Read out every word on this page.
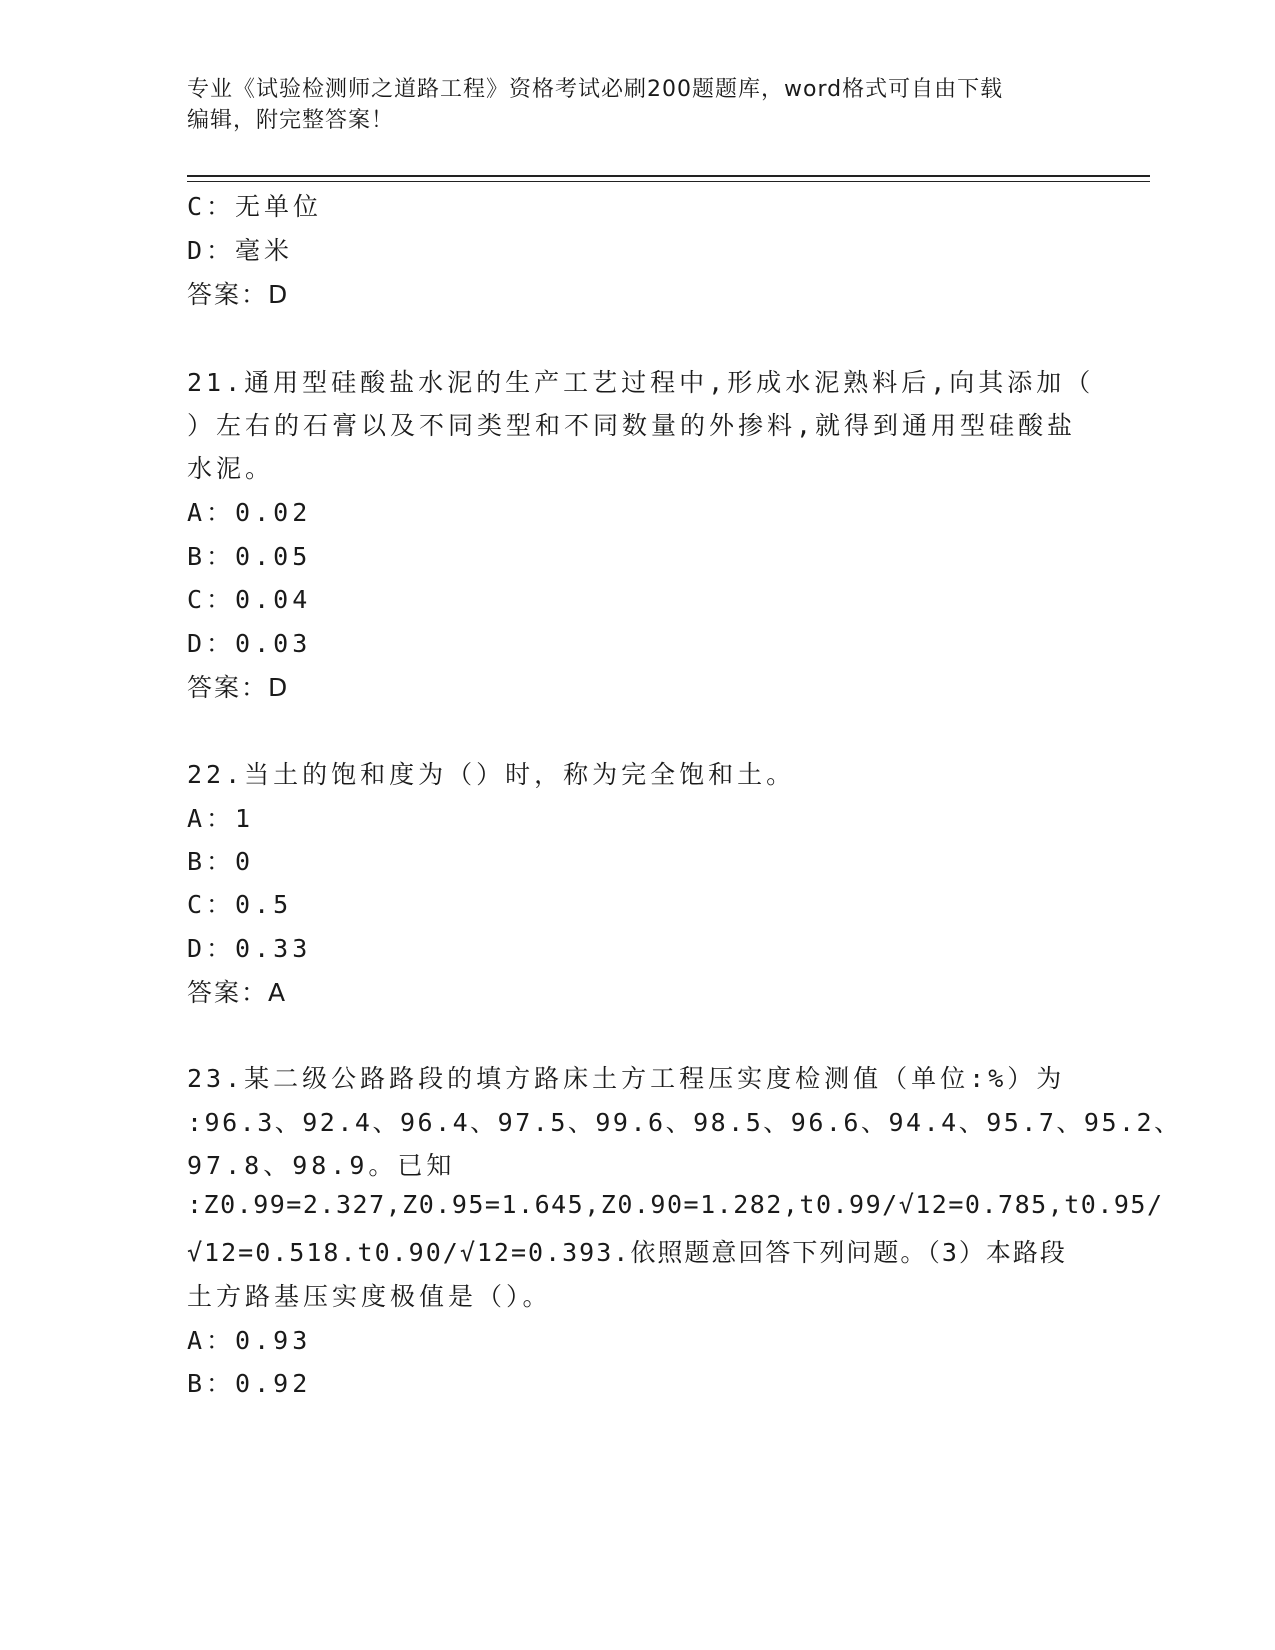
专业《试验检测师之道路工程》资格考试必刷200题题库，word格式可自由下载
编辑，附完整答案！
C：无单位
D：毫米
答案：D
21.通用型硅酸盐水泥的生产工艺过程中,形成水泥熟料后,向其添加（
）左右的石膏以及不同类型和不同数量的外掺料,就得到通用型硅酸盐
水泥。
A：0.02
B：0.05
C：0.04
D：0.03
答案：D
22.当土的饱和度为（）时，称为完全饱和土。
A：1
B：0
C：0.5
D：0.33
答案：A
23.某二级公路路段的填方路床土方工程压实度检测值（单位:%）为
:96.3、92.4、96.4、97.5、99.6、98.5、96.6、94.4、95.7、95.2、
97.8、98.9。已知
:Z0.99=2.327,Z0.95=1.645,Z0.90=1.282,t0.99/√12=0.785,t0.95/
√12=0.518.t0.90/√12=0.393.依照题意回答下列问题。（3）本路段
土方路基压实度极值是（）。
A：0.93
B：0.92
